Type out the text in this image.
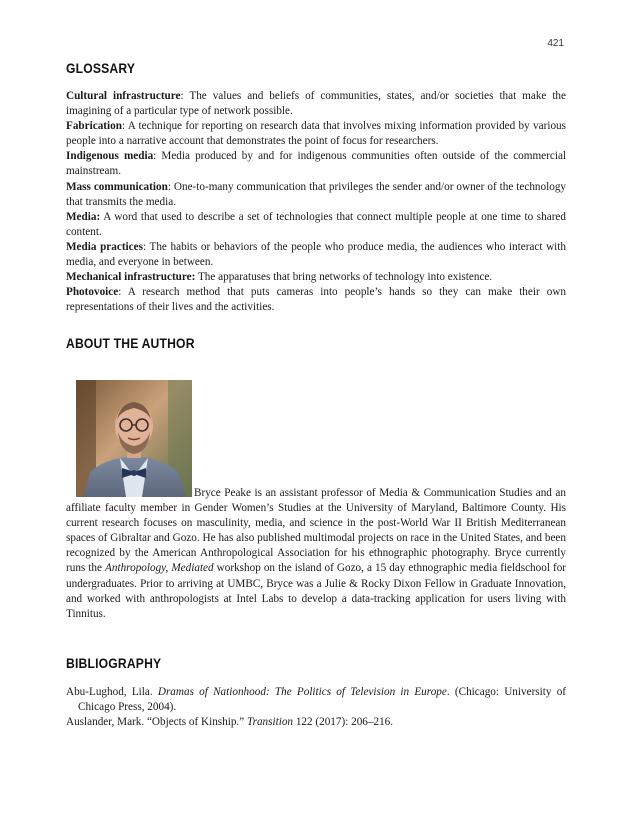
421
GLOSSARY

Cultural infrastructure: The values and beliefs of communities, states, and/or societies that make the imagining of a particular type of network possible.

Fabrication: A technique for reporting on research data that involves mixing information provided by various people into a narrative account that demonstrates the point of focus for researchers.

Indigenous media: Media produced by and for indigenous communities often outside of the commercial mainstream.

Mass communication: One-to-many communication that privileges the sender and/or owner of the technology that transmits the media.

Media: A word that used to describe a set of technologies that connect multiple people at one time to shared content.

Media practices: The habits or behaviors of the people who produce media, the audiences who interact with media, and everyone in between.

Mechanical infrastructure: The apparatuses that bring networks of technology into existence.

Photovoice: A research method that puts cameras into people’s hands so they can make their own representations of their lives and the activities.

ABOUT THE AUTHOR

Bryce Peake is an assistant professor of Media & Communication Studies and an affiliate faculty member in Gender Women’s Studies at the University of Maryland, Baltimore County. His current research focuses on masculinity, media, and science in the post-World War II British Mediterranean spaces of Gibraltar and Gozo. He has also published multimodal projects on race in the United States, and been recognized by the American Anthropological Association for his ethnographic photography. Bryce currently runs the Anthropology, Mediated workshop on the island of Gozo, a 15 day ethnographic media fieldschool for undergraduates. Prior to arriving at UMBC, Bryce was a Julie & Rocky Dixon Fellow in Graduate Innovation, and worked with anthropologists at Intel Labs to develop a data-tracking application for users living with Tinnitus.

BIBLIOGRAPHY

Abu-Lughod, Lila. Dramas of Nationhood: The Politics of Television in Europe. (Chicago: University of Chicago Press, 2004).

Auslander, Mark. “Objects of Kinship.” Transition 122 (2017): 206–216.
